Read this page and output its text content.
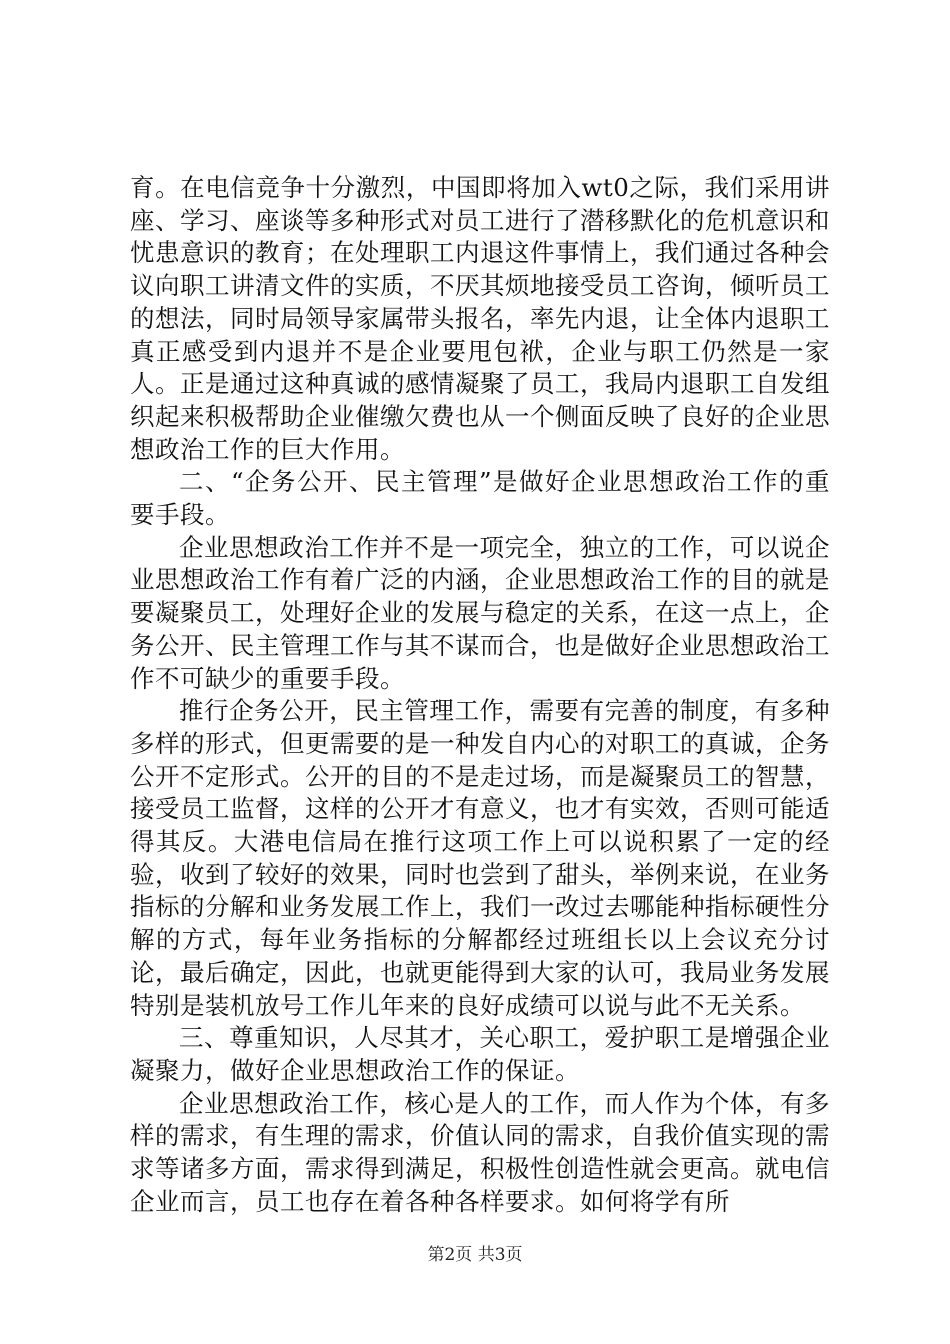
育。在电信竞争十分激烈，中国即将加入wt0之际，我们采用讲座、学习、座谈等多种形式对员工进行了潜移默化的危机意识和忧患意识的教育；在处理职工内退这件事情上，我们通过各种会议向职工讲清文件的实质，不厌其烦地接受员工咨询，倾听员工的想法，同时局领导家属带头报名，率先内退，让全体内退职工真正感受到内退并不是企业要甩包袱，企业与职工仍然是一家人。正是通过这种真诚的感情凝聚了员工，我局内退职工自发组织起来积极帮助企业催缴欠费也从一个侧面反映了良好的企业思想政治工作的巨大作用。

二、“企务公开、民主管理”是做好企业思想政治工作的重要手段。

企业思想政治工作并不是一项完全，独立的工作，可以说企业思想政治工作有着广泛的内涵，企业思想政治工作的目的就是要凝聚员工，处理好企业的发展与稳定的关系，在这一点上，企务公开、民主管理工作与其不谋而合，也是做好企业思想政治工作不可缺少的重要手段。

推行企务公开，民主管理工作，需要有完善的制度，有多种多样的形式，但更需要的是一种发自内心的对职工的真诚，企务公开不定形式。公开的目的不是走过场，而是凝聚员工的智慧，接受员工监督，这样的公开才有意义，也才有实效，否则可能适得其反。大港电信局在推行这项工作上可以说积累了一定的经验，收到了较好的效果，同时也尝到了甜头，举例来说，在业务指标的分解和业务发展工作上，我们一改过去哪能种指标硬性分解的方式，每年业务指标的分解都经过班组长以上会议充分讨论，最后确定，因此，也就更能得到大家的认可，我局业务发展特别是装机放号工作儿年来的良好成绩可以说与此不无关系。

三、尊重知识，人尽其才，关心职工，爱护职工是增强企业凝聚力，做好企业思想政治工作的保证。

企业思想政治工作，核心是人的工作，而人作为个体，有多样的需求，有生理的需求，价值认同的需求，自我价值实现的需求等诸多方面，需求得到满足，积极性创造性就会更高。就电信企业而言，员工也存在着各种各样要求。如何将学有所

第2页 共3页
